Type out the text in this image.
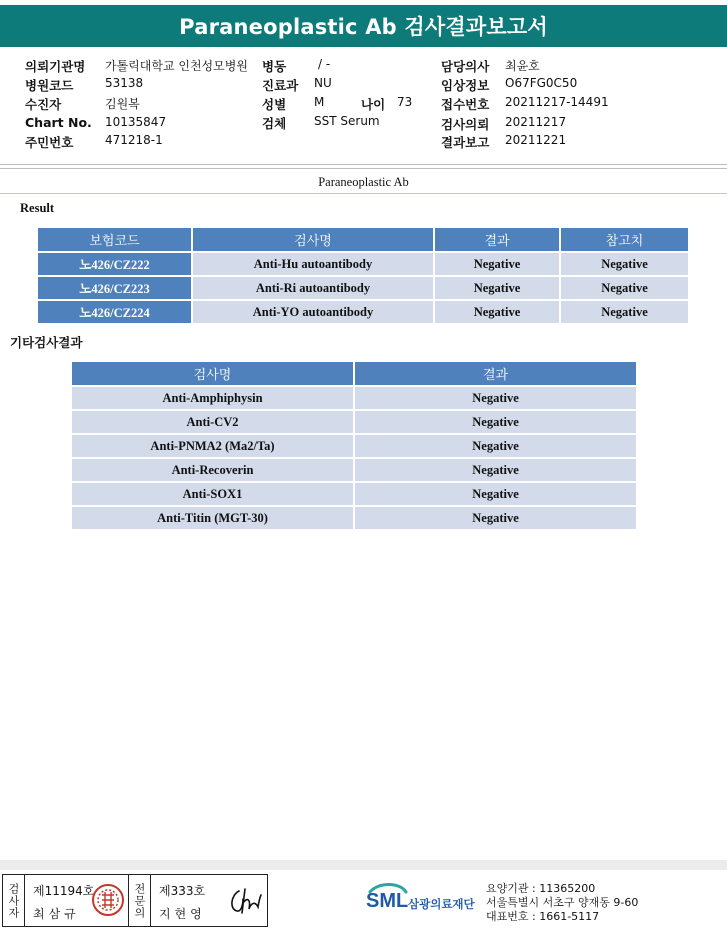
Paraneoplastic Ab 검사결과보고서
의뢰기관명 가톨릭대학교 인천성모병원 병동	/ -	담당의사 최윤호
병원코드	53138	진료과 NU	임상정보 O67FG0C50
수진자	김원복	성별 M	나이 73 접수번호 20211217-14491
Chart No. 10135847	검체 SST Serum	검사의뢰 20211217
주민번호	471218-1	결과보고 20211221
Paraneoplastic Ab
Result
보험코드	검사명	결과	참고치
노426/CZ222	Anti-Hu autoantibody	Negative	Negative
노426/CZ223	Anti-Ri autoantibody	Negative	Negative
노426/CZ224	Anti-YO autoantibody	Negative	Negative
기타검사결과
검사명	결과
Anti-Amphiphysin	Negative
Anti-CV2	Negative
Anti-PNMA2 (Ma2/Ta)	Negative
Anti-Recoverin	Negative
Anti-SOX1	Negative
Anti-Titin (MGT-30)	Negative
검사자 제11194호
최삼규	전문의 제333호
지현영
SML 삼광의료재단
요양기관 : 11365200
서울특별시 서초구 양재동 9-60
대표번호 : 1661-5117
